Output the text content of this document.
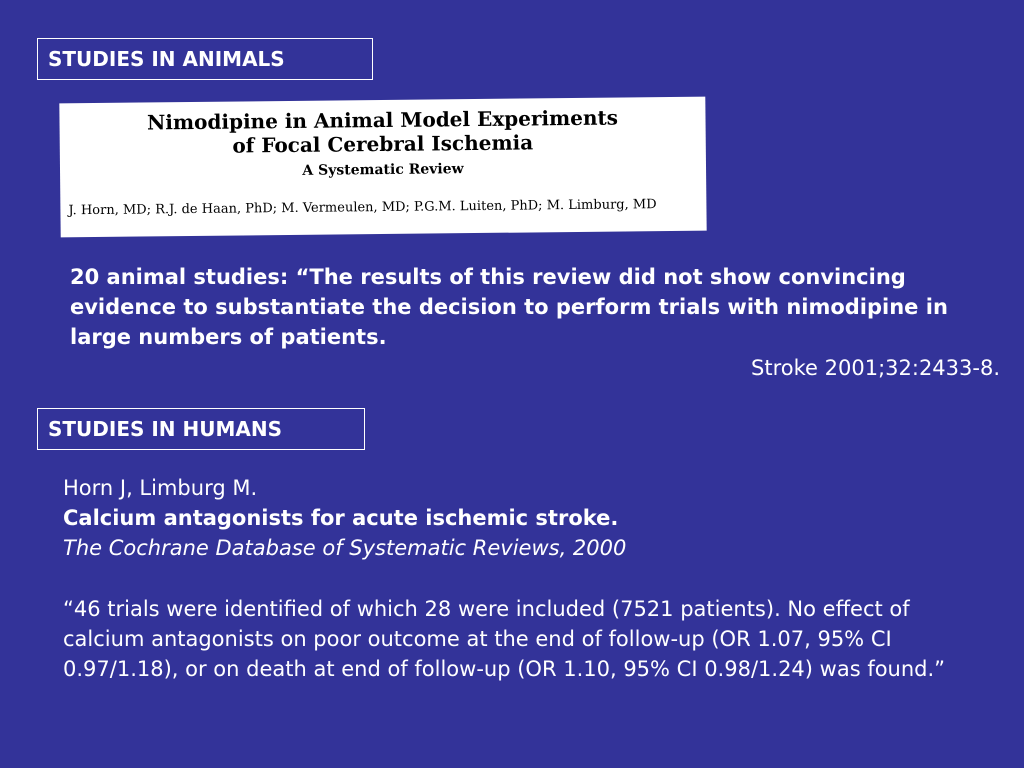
STUDIES IN ANIMALS
Nimodipine in Animal Model Experiments
of Focal Cerebral Ischemia
A Systematic Review
J. Horn, MD; R.J. de Haan, PhD; M. Vermeulen, MD; P.G.M. Luiten, PhD; M. Limburg, MD
20 animal studies: “The results of this review did not show convincing evidence to substantiate the decision to perform trials with nimodipine in large numbers of patients.
Stroke 2001;32:2433-8.
STUDIES IN HUMANS
Horn J, Limburg M.
Calcium antagonists for acute ischemic stroke.
The Cochrane Database of Systematic Reviews, 2000
“46 trials were identified of which 28 were included (7521 patients). No effect of calcium antagonists on poor outcome at the end of follow-up (OR 1.07, 95% CI 0.97/1.18), or on death at end of follow-up (OR 1.10, 95% CI 0.98/1.24) was found.”
